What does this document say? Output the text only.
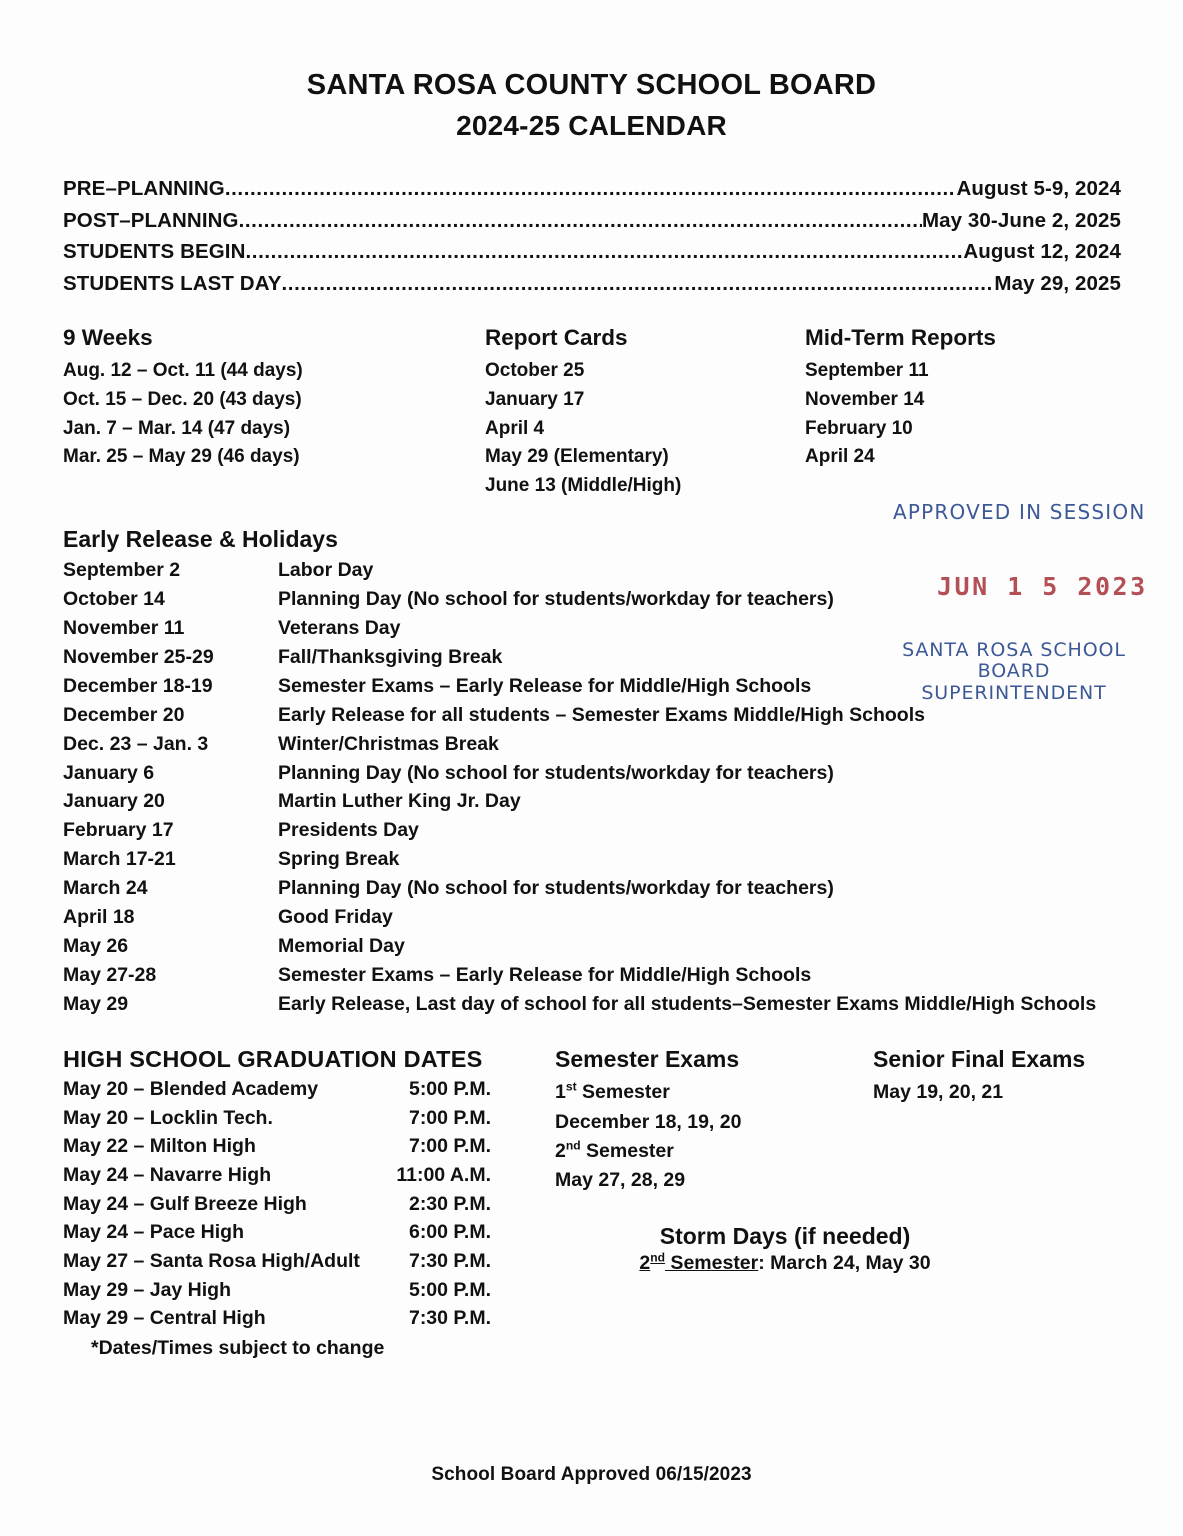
SANTA ROSA COUNTY SCHOOL BOARD
2024-25 CALENDAR
PRE–PLANNING .....	August 5-9, 2024
POST–PLANNING .....	May 30-June 2, 2025
STUDENTS BEGIN .....	August 12, 2024
STUDENTS LAST DAY .....	May 29, 2025
9 Weeks
Aug. 12 – Oct. 11 (44 days)
Oct. 15 – Dec. 20 (43 days)
Jan. 7 – Mar. 14 (47 days)
Mar. 25 – May 29 (46 days)
Report Cards
October 25
January 17
April 4
May 29 (Elementary)
June 13 (Middle/High)
Mid-Term Reports
September 11
November 14
February 10
April 24
APPROVED IN SESSION
JUN 1 5 2023
SANTA ROSA SCHOOL BOARD
SUPERINTENDENT
Early Release & Holidays
September 2	Labor Day
October 14	Planning Day (No school for students/workday for teachers)
November 11	Veterans Day
November 25-29	Fall/Thanksgiving Break
December 18-19	Semester Exams – Early Release for Middle/High Schools
December 20	Early Release for all students – Semester Exams Middle/High Schools
Dec. 23 – Jan. 3	Winter/Christmas Break
January 6	Planning Day (No school for students/workday for teachers)
January 20	Martin Luther King Jr. Day
February 17	Presidents Day
March 17-21	Spring Break
March 24	Planning Day (No school for students/workday for teachers)
April 18	Good Friday
May 26	Memorial Day
May 27-28	Semester Exams – Early Release for Middle/High Schools
May 29	Early Release, Last day of school for all students–Semester Exams Middle/High Schools
HIGH SCHOOL GRADUATION DATES
May 20 – Blended Academy	5:00 P.M.
May 20 – Locklin Tech.	7:00 P.M.
May 22 – Milton High	7:00 P.M.
May 24 – Navarre High	11:00 A.M.
May 24 – Gulf Breeze High	2:30 P.M.
May 24 – Pace High	6:00 P.M.
May 27 – Santa Rosa High/Adult	7:30 P.M.
May 29 – Jay High	5:00 P.M.
May 29 – Central High	7:30 P.M.
*Dates/Times subject to change
Semester Exams
1st Semester
December 18, 19, 20
2nd Semester
May 27, 28, 29
Senior Final Exams
May 19, 20, 21
Storm Days (if needed)
2nd Semester: March 24, May 30
School Board Approved 06/15/2023
